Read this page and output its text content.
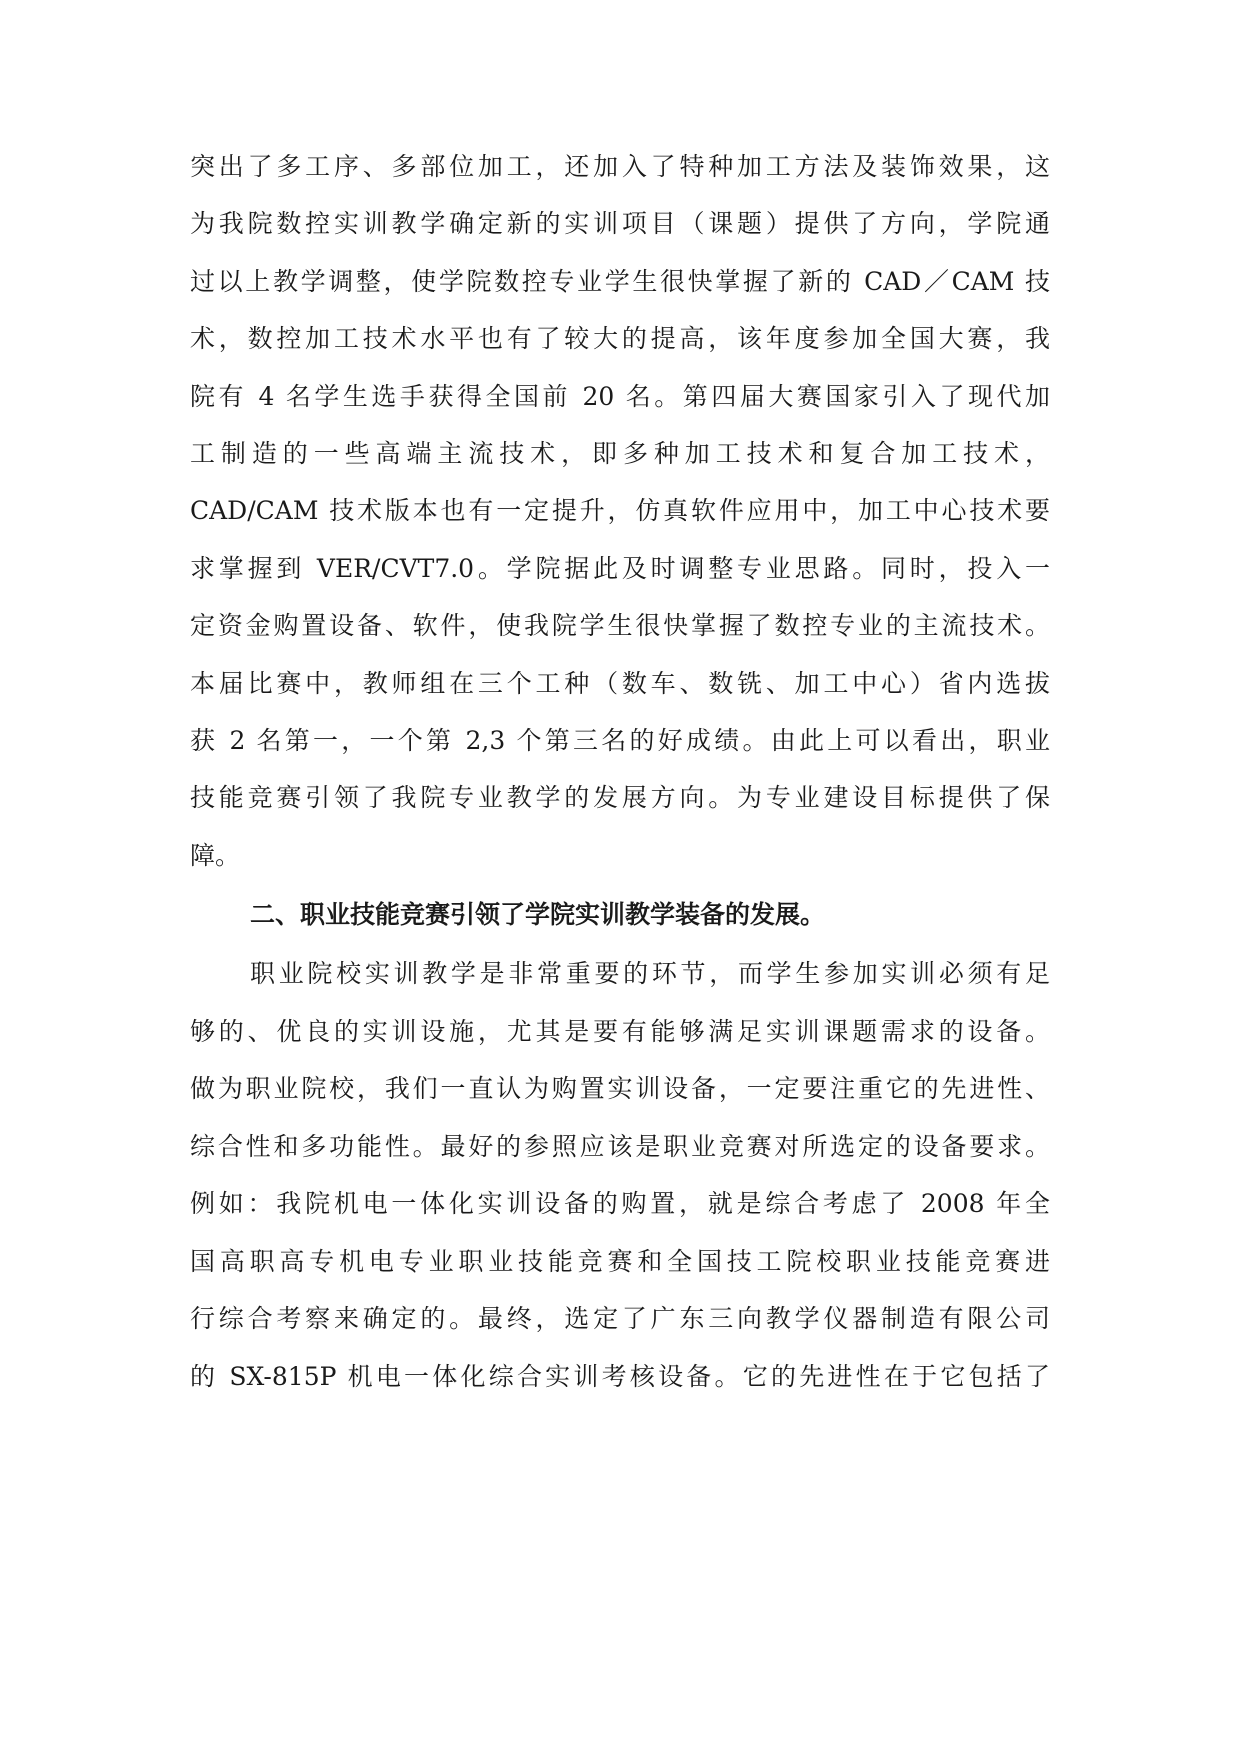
突出了多工序、多部位加工，还加入了特种加工方法及装饰效果，这
为我院数控实训教学确定新的实训项目（课题）提供了方向，学院通
过以上教学调整，使学院数控专业学生很快掌握了新的 CAD／CAM 技
术，数控加工技术水平也有了较大的提高，该年度参加全国大赛，我
院有 4 名学生选手获得全国前 20 名。第四届大赛国家引入了现代加
工制造的一些高端主流技术，即多种加工技术和复合加工技术，
CAD/CAM 技术版本也有一定提升，仿真软件应用中，加工中心技术要
求掌握到 VER/CVT7.0。学院据此及时调整专业思路。同时，投入一
定资金购置设备、软件，使我院学生很快掌握了数控专业的主流技术。
本届比赛中，教师组在三个工种（数车、数铣、加工中心）省内选拔
获 2 名第一，一个第 2,3 个第三名的好成绩。由此上可以看出，职业
技能竞赛引领了我院专业教学的发展方向。为专业建设目标提供了保
障。
二、职业技能竞赛引领了学院实训教学装备的发展。
职业院校实训教学是非常重要的环节，而学生参加实训必须有足
够的、优良的实训设施，尤其是要有能够满足实训课题需求的设备。
做为职业院校，我们一直认为购置实训设备，一定要注重它的先进性、
综合性和多功能性。最好的参照应该是职业竞赛对所选定的设备要求。
例如：我院机电一体化实训设备的购置，就是综合考虑了 2008 年全
国高职高专机电专业职业技能竞赛和全国技工院校职业技能竞赛进
行综合考察来确定的。最终，选定了广东三向教学仪器制造有限公司
的 SX-815P 机电一体化综合实训考核设备。它的先进性在于它包括了
